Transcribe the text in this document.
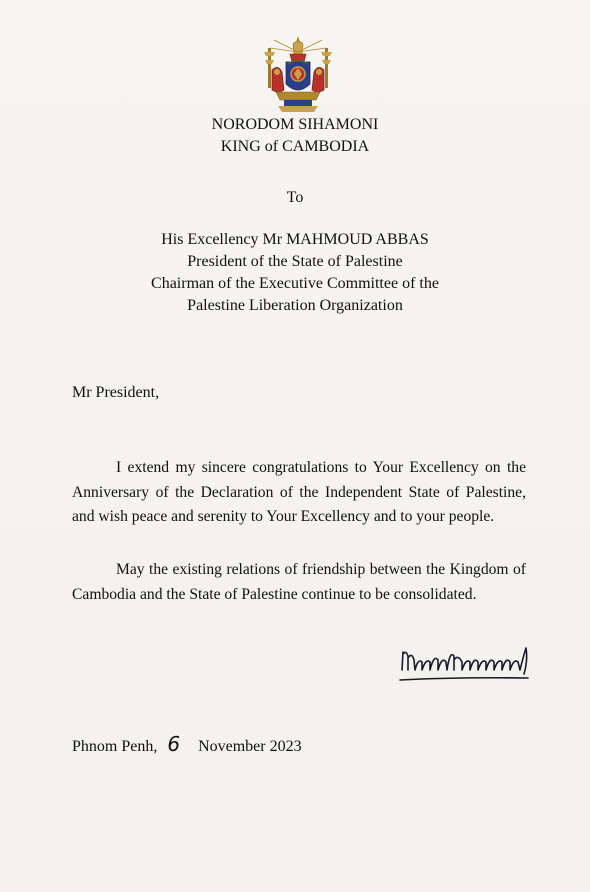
NORODOM SIHAMONI
KING of CAMBODIA
To
His Excellency Mr MAHMOUD ABBAS
President of the State of Palestine
Chairman of the Executive Committee of the
Palestine Liberation Organization
Mr President,

I extend my sincere congratulations to Your Excellency on the Anniversary of the Declaration of the Independent State of Palestine, and wish peace and serenity to Your Excellency and to your people.

May the existing relations of friendship between the Kingdom of Cambodia and the State of Palestine continue to be consolidated.

Phnom Penh, 6 November 2023
